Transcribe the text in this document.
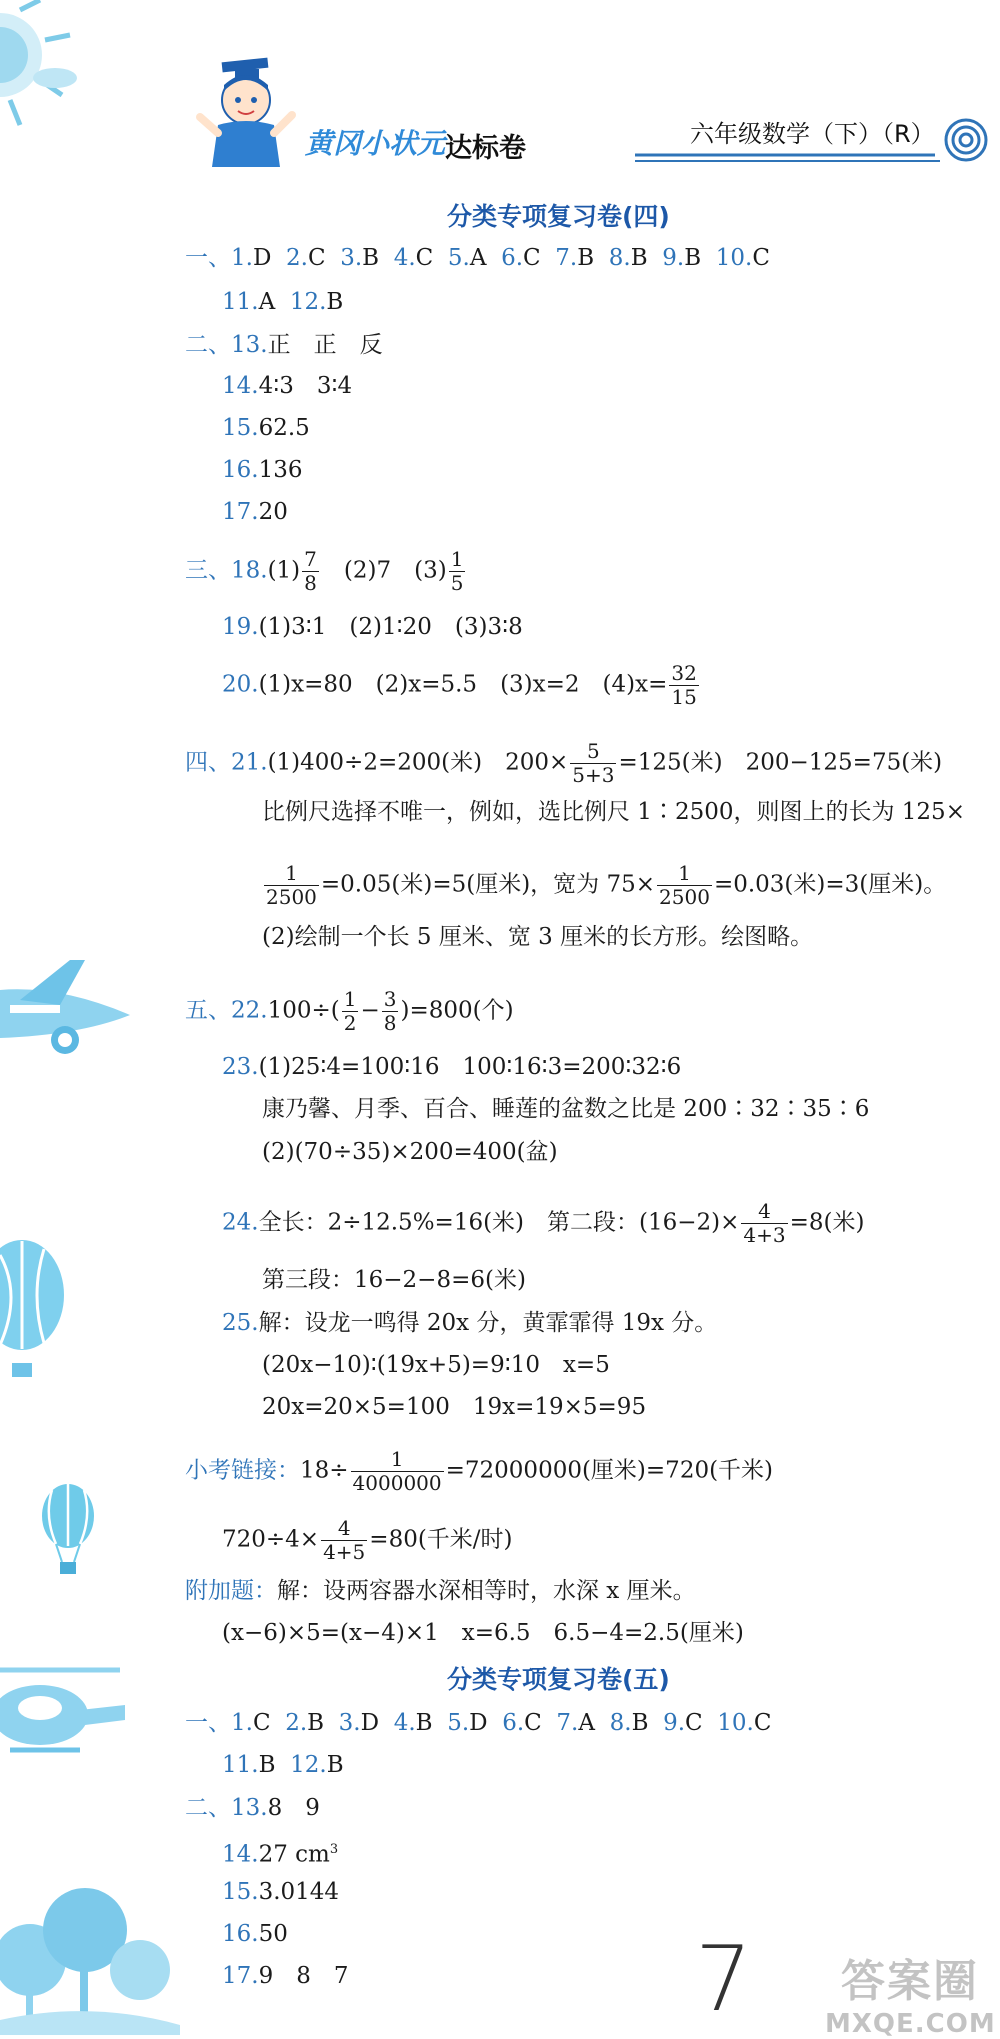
黄冈小状元 达标卷	六年级数学（下）（R）
分类专项复习卷(四)
一、1.D 2.C 3.B 4.C 5.A 6.C 7.B 8.B 9.B 10.C
11.A 12.B
二、13.正　正　反
14.4∶3　3∶4
15.62.5
16.136
17.20
三、$18.(1) \frac{7}{8}$ 　(2)7　$(3) \frac{1}{5}$
19.(1)3∶1　(2)1∶20　(3)3∶8
20.(1)x=80　(2)x=5.5　(3)x=2　$(4)x= \frac{32}{15}$
四、21.(1)400÷2=200(米)　$200\times \frac{5}{5+3} =125$(米)　200−125=75(米)
比例尺选择不唯一，例如，选比例尺 1∶2500，则图上的长为 125×
$\frac{1}{2500} =0.05$(米)=5(厘米)，宽为 $75\times \frac{1}{2500} =0.03$(米)=3(厘米)。
(2)绘制一个长 5 厘米、宽 3 厘米的长方形。绘图略。
五、$22.100\div( \frac{1}{2} - \frac{3}{8} )=800$(个)
23.(1)25∶4=100∶16　100∶16∶3=200∶32∶6
康乃馨、月季、百合、睡莲的盆数之比是 200∶32∶35∶6
(2)(70÷35)×200=400(盆)
24.全长：2÷12.5%=16(米)　第二段：$(16-2)\times \frac{4}{4+3} =8$(米)
第三段：16−2−8=6(米)
25.解：设龙一鸣得 20x 分，黄霏霏得 19x 分。
(20x−10)∶(19x+5)=9∶10　x=5
20x=20×5=100　19x=19×5=95
小考链接：$18\div \frac{1}{4000000} =72000000$(厘米)=720(千米)
$720\div 4\times \frac{4}{4+5} =80$(千米/时)
附加题：解：设两容器水深相等时，水深 x 厘米。
(x−6)×5=(x−4)×1　x=6.5　6.5−4=2.5(厘米)
分类专项复习卷(五)
一、1.C 2.B 3.D 4.B 5.D 6.C 7.A 8.B 9.C 10.C
11.B 12.B
二、13.8　9
14.27 $cm^3$
15.3.0144
16.50
17.9　8　7	7	答案圈
MXQE.COM
